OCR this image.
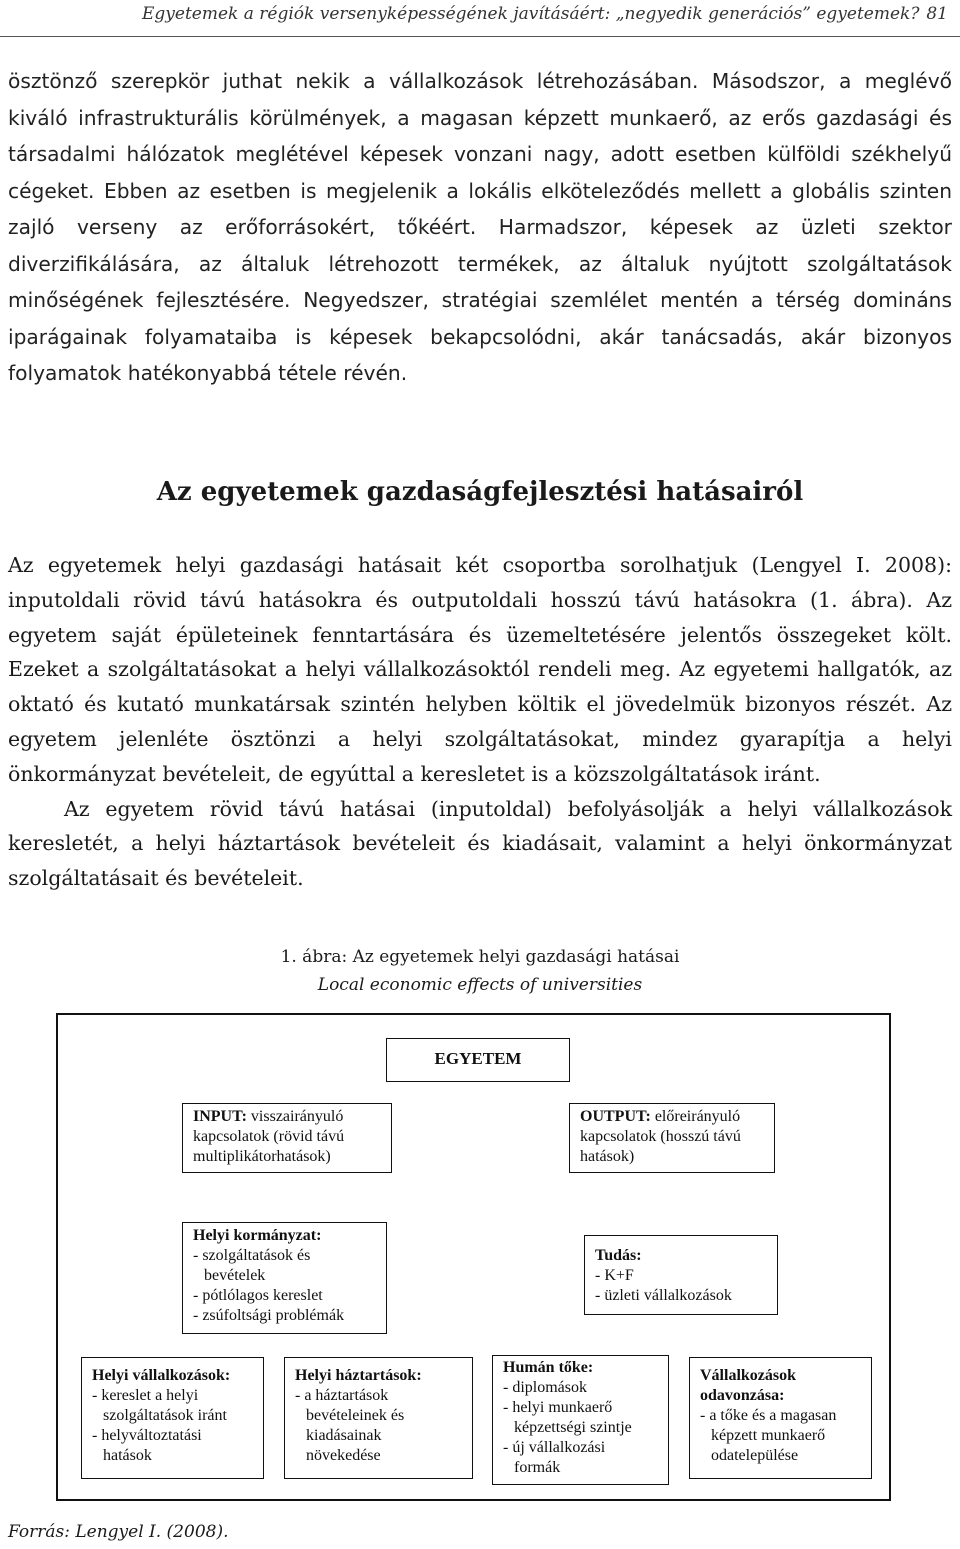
Egyetemek a régiók versenyképességének javításáért: „negyedik generációs” egyetemek? 81

ösztönző szerepkör juthat nekik a vállalkozások létrehozásában. Másodszor, a meglévő kiváló infrastrukturális körülmények, a magasan képzett munkaerő, az erős gazdasági és társadalmi hálózatok meglétével képesek vonzani nagy, adott esetben külföldi székhelyű cégeket. Ebben az esetben is megjelenik a lokális elköteleződés mellett a globális szinten zajló verseny az erőforrásokért, tőkéért. Harmadszor, képesek az üzleti szektor diverzifikálására, az általuk létrehozott termékek, az általuk nyújtott szolgáltatások minőségének fejlesztésére. Negyedszer, stratégiai szemlélet mentén a térség domináns iparágainak folyamataiba is képesek bekapcsolódni, akár tanácsadás, akár bizonyos folyamatok hatékonyabbá tétele révén.

Az egyetemek gazdaságfejlesztési hatásairól

Az egyetemek helyi gazdasági hatásait két csoportba sorolhatjuk (Lengyel I. 2008): inputoldali rövid távú hatásokra és outputoldali hosszú távú hatásokra (1. ábra). Az egyetem saját épületeinek fenntartására és üzemeltetésére jelentős összegeket költ. Ezeket a szolgáltatásokat a helyi vállalkozásoktól rendeli meg. Az egyetemi hallgatók, az oktató és kutató munkatársak szintén helyben költik el jövedelmük bizonyos részét. Az egyetem jelenléte ösztönzi a helyi szolgáltatásokat, mindez gyarapítja a helyi önkormányzat bevételeit, de egyúttal a keresletet is a közszolgáltatások iránt.

Az egyetem rövid távú hatásai (inputoldal) befolyásolják a helyi vállalkozások keresletét, a helyi háztartások bevételeit és kiadásait, valamint a helyi önkormányzat szolgáltatásait és bevételeit.

1. ábra: Az egyetemek helyi gazdasági hatásai
Local economic effects of universities
EGYETEM
INPUT: visszairányuló
kapcsolatok (rövid távú
multiplikátorhatások)
OUTPUT: előreirányuló
kapcsolatok (hosszú távú
hatások)
Helyi kormányzat:
- szolgáltatások és
bevételek
- pótlólagos kereslet
- zsúfoltsági problémák
Tudás:
- K+F
- üzleti vállalkozások
Helyi vállalkozások:
- kereslet a helyi
szolgáltatások iránt
- helyváltoztatási
hatások
Helyi háztartások:
- a háztartások
bevételeinek és
kiadásainak
növekedése
Humán tőke:
- diplomások
- helyi munkaerő
képzettségi szintje
- új vállalkozási
formák
Vállalkozások
odavonzása:
- a tőke és a magasan
képzett munkaerő
odatelepülése
Forrás: Lengyel I. (2008).
